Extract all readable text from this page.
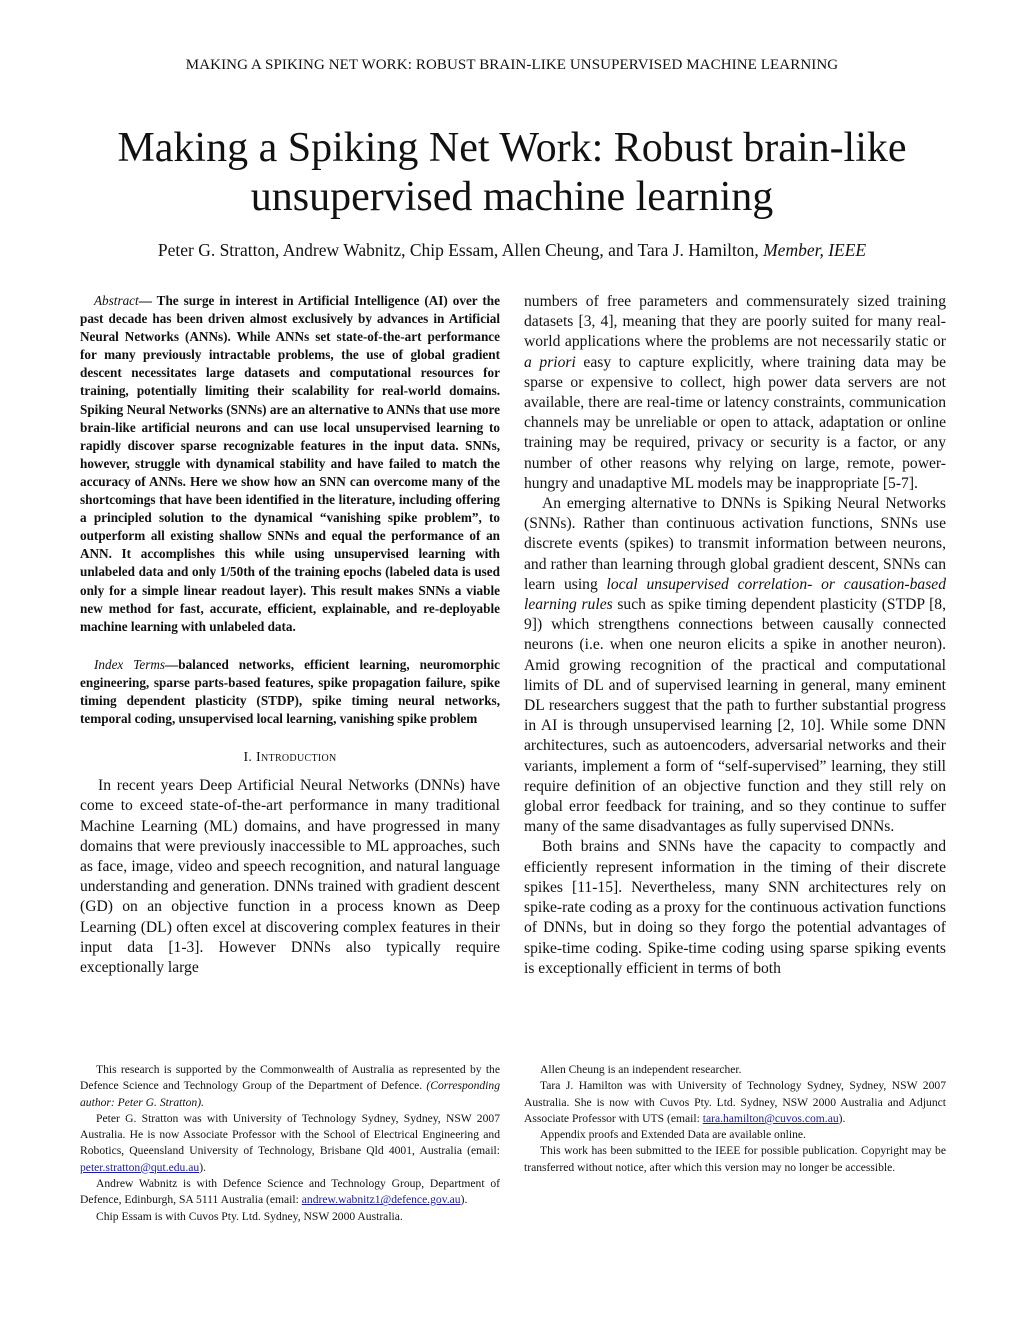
MAKING A SPIKING NET WORK: ROBUST BRAIN-LIKE UNSUPERVISED MACHINE LEARNING
Making a Spiking Net Work: Robust brain-like
unsupervised machine learning
Peter G. Stratton, Andrew Wabnitz, Chip Essam, Allen Cheung, and Tara J. Hamilton, Member, IEEE

Abstract— The surge in interest in Artificial Intelligence (AI) over the past decade has been driven almost exclusively by advances in Artificial Neural Networks (ANNs). While ANNs set state-of-the-art performance for many previously intractable problems, the use of global gradient descent necessitates large datasets and computational resources for training, potentially limiting their scalability for real-world domains. Spiking Neural Networks (SNNs) are an alternative to ANNs that use more brain-like artificial neurons and can use local unsupervised learning to rapidly discover sparse recognizable features in the input data. SNNs, however, struggle with dynamical stability and have failed to match the accuracy of ANNs. Here we show how an SNN can overcome many of the shortcomings that have been identified in the literature, including offering a principled solution to the dynamical “vanishing spike problem”, to outperform all existing shallow SNNs and equal the performance of an ANN. It accomplishes this while using unsupervised learning with unlabeled data and only 1/50th of the training epochs (labeled data is used only for a simple linear readout layer). This result makes SNNs a viable new method for fast, accurate, efficient, explainable, and re-deployable machine learning with unlabeled data.

Index Terms—balanced networks, efficient learning, neuromorphic engineering, sparse parts-based features, spike propagation failure, spike timing dependent plasticity (STDP), spike timing neural networks, temporal coding, unsupervised local learning, vanishing spike problem

I. Introduction

In recent years Deep Artificial Neural Networks (DNNs) have come to exceed state-of-the-art performance in many traditional Machine Learning (ML) domains, and have progressed in many domains that were previously inaccessible to ML approaches, such as face, image, video and speech recognition, and natural language understanding and generation. DNNs trained with gradient descent (GD) on an objective function in a process known as Deep Learning (DL) often excel at discovering complex features in their input data [1-3]. However DNNs also typically require exceptionally large

numbers of free parameters and commensurately sized training datasets [3, 4], meaning that they are poorly suited for many real-world applications where the problems are not necessarily static or a priori easy to capture explicitly, where training data may be sparse or expensive to collect, high power data servers are not available, there are real-time or latency constraints, communication channels may be unreliable or open to attack, adaptation or online training may be required, privacy or security is a factor, or any number of other reasons why relying on large, remote, power-hungry and unadaptive ML models may be inappropriate [5-7].

An emerging alternative to DNNs is Spiking Neural Networks (SNNs). Rather than continuous activation functions, SNNs use discrete events (spikes) to transmit information between neurons, and rather than learning through global gradient descent, SNNs can learn using local unsupervised correlation- or causation-based learning rules such as spike timing dependent plasticity (STDP [8, 9]) which strengthens connections between causally connected neurons (i.e. when one neuron elicits a spike in another neuron). Amid growing recognition of the practical and computational limits of DL and of supervised learning in general, many eminent DL researchers suggest that the path to further substantial progress in AI is through unsupervised learning [2, 10]. While some DNN architectures, such as autoencoders, adversarial networks and their variants, implement a form of “self-supervised” learning, they still require definition of an objective function and they still rely on global error feedback for training, and so they continue to suffer many of the same disadvantages as fully supervised DNNs.

Both brains and SNNs have the capacity to compactly and efficiently represent information in the timing of their discrete spikes [11-15]. Nevertheless, many SNN architectures rely on spike-rate coding as a proxy for the continuous activation functions of DNNs, but in doing so they forgo the potential advantages of spike-time coding. Spike-time coding using sparse spiking events is exceptionally efficient in terms of both

This research is supported by the Commonwealth of Australia as represented by the Defence Science and Technology Group of the Department of Defence. (Corresponding author: Peter G. Stratton).

Peter G. Stratton was with University of Technology Sydney, Sydney, NSW 2007 Australia. He is now Associate Professor with the School of Electrical Engineering and Robotics, Queensland University of Technology, Brisbane Qld 4001, Australia (email: peter.stratton@qut.edu.au).

Andrew Wabnitz is with Defence Science and Technology Group, Department of Defence, Edinburgh, SA 5111 Australia (email: andrew.wabnitz1@defence.gov.au).

Chip Essam is with Cuvos Pty. Ltd. Sydney, NSW 2000 Australia.

Allen Cheung is an independent researcher.

Tara J. Hamilton was with University of Technology Sydney, Sydney, NSW 2007 Australia. She is now with Cuvos Pty. Ltd. Sydney, NSW 2000 Australia and Adjunct Associate Professor with UTS (email: tara.hamilton@cuvos.com.au).

Appendix proofs and Extended Data are available online.

This work has been submitted to the IEEE for possible publication. Copyright may be transferred without notice, after which this version may no longer be accessible.
